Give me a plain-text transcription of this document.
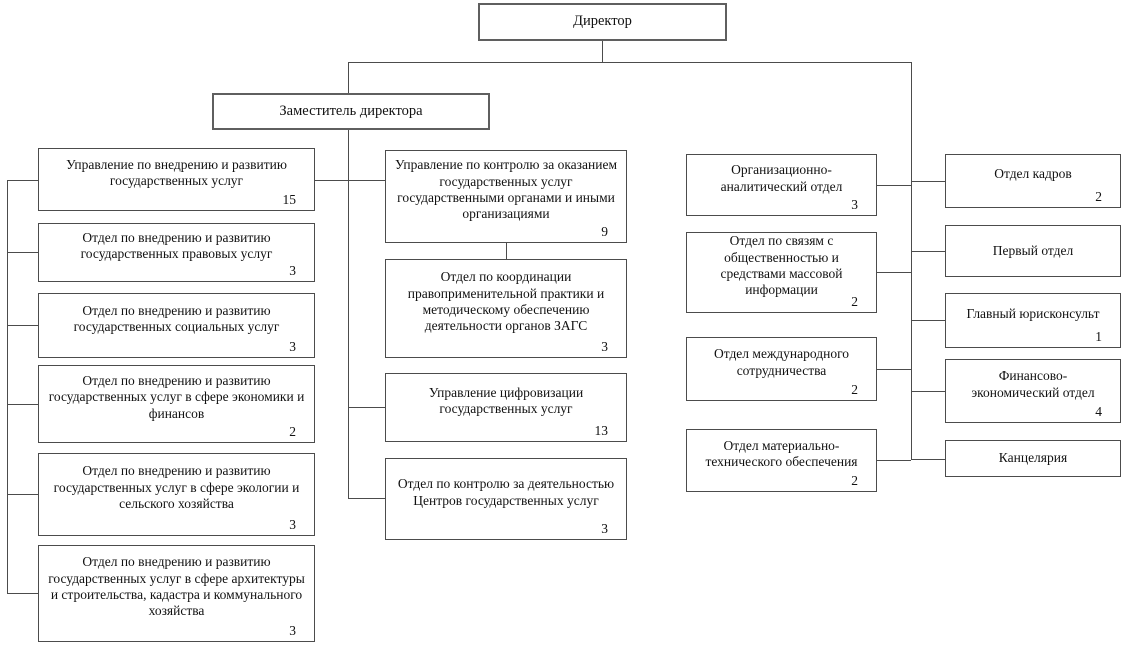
Директор
Заместитель директора
Управление по внедрению и развитию государственных услуг
15
Отдел по внедрению и развитию государственных правовых услуг
3
Отдел по внедрению и развитию государственных социальных услуг
3
Отдел по внедрению и развитию государственных услуг в сфере экономики и финансов
2
Отдел по внедрению и развитию государственных услуг в сфере экологии и сельского хозяйства
3
Отдел по внедрению и развитию государственных услуг в сфере архитектуры и строительства, кадастра и коммунального хозяйства
3
Управление по контролю за оказанием государственных услуг государственными органами и иными организациями
9
Отдел по координации правоприменительной практики и методическому обеспечению деятельности органов ЗАГС
3
Управление цифровизации государственных услуг
13
Отдел по контролю за деятельностью Центров государственных услуг
3
Организационно-аналитический отдел
3
Отдел по связям с общественностью и средствами массовой информации
2
Отдел международного сотрудничества
2
Отдел материально-технического обеспечения
2
Отдел кадров
2
Первый отдел
Главный юрисконсульт
1
Финансово-экономический отдел
4
Канцелярия
